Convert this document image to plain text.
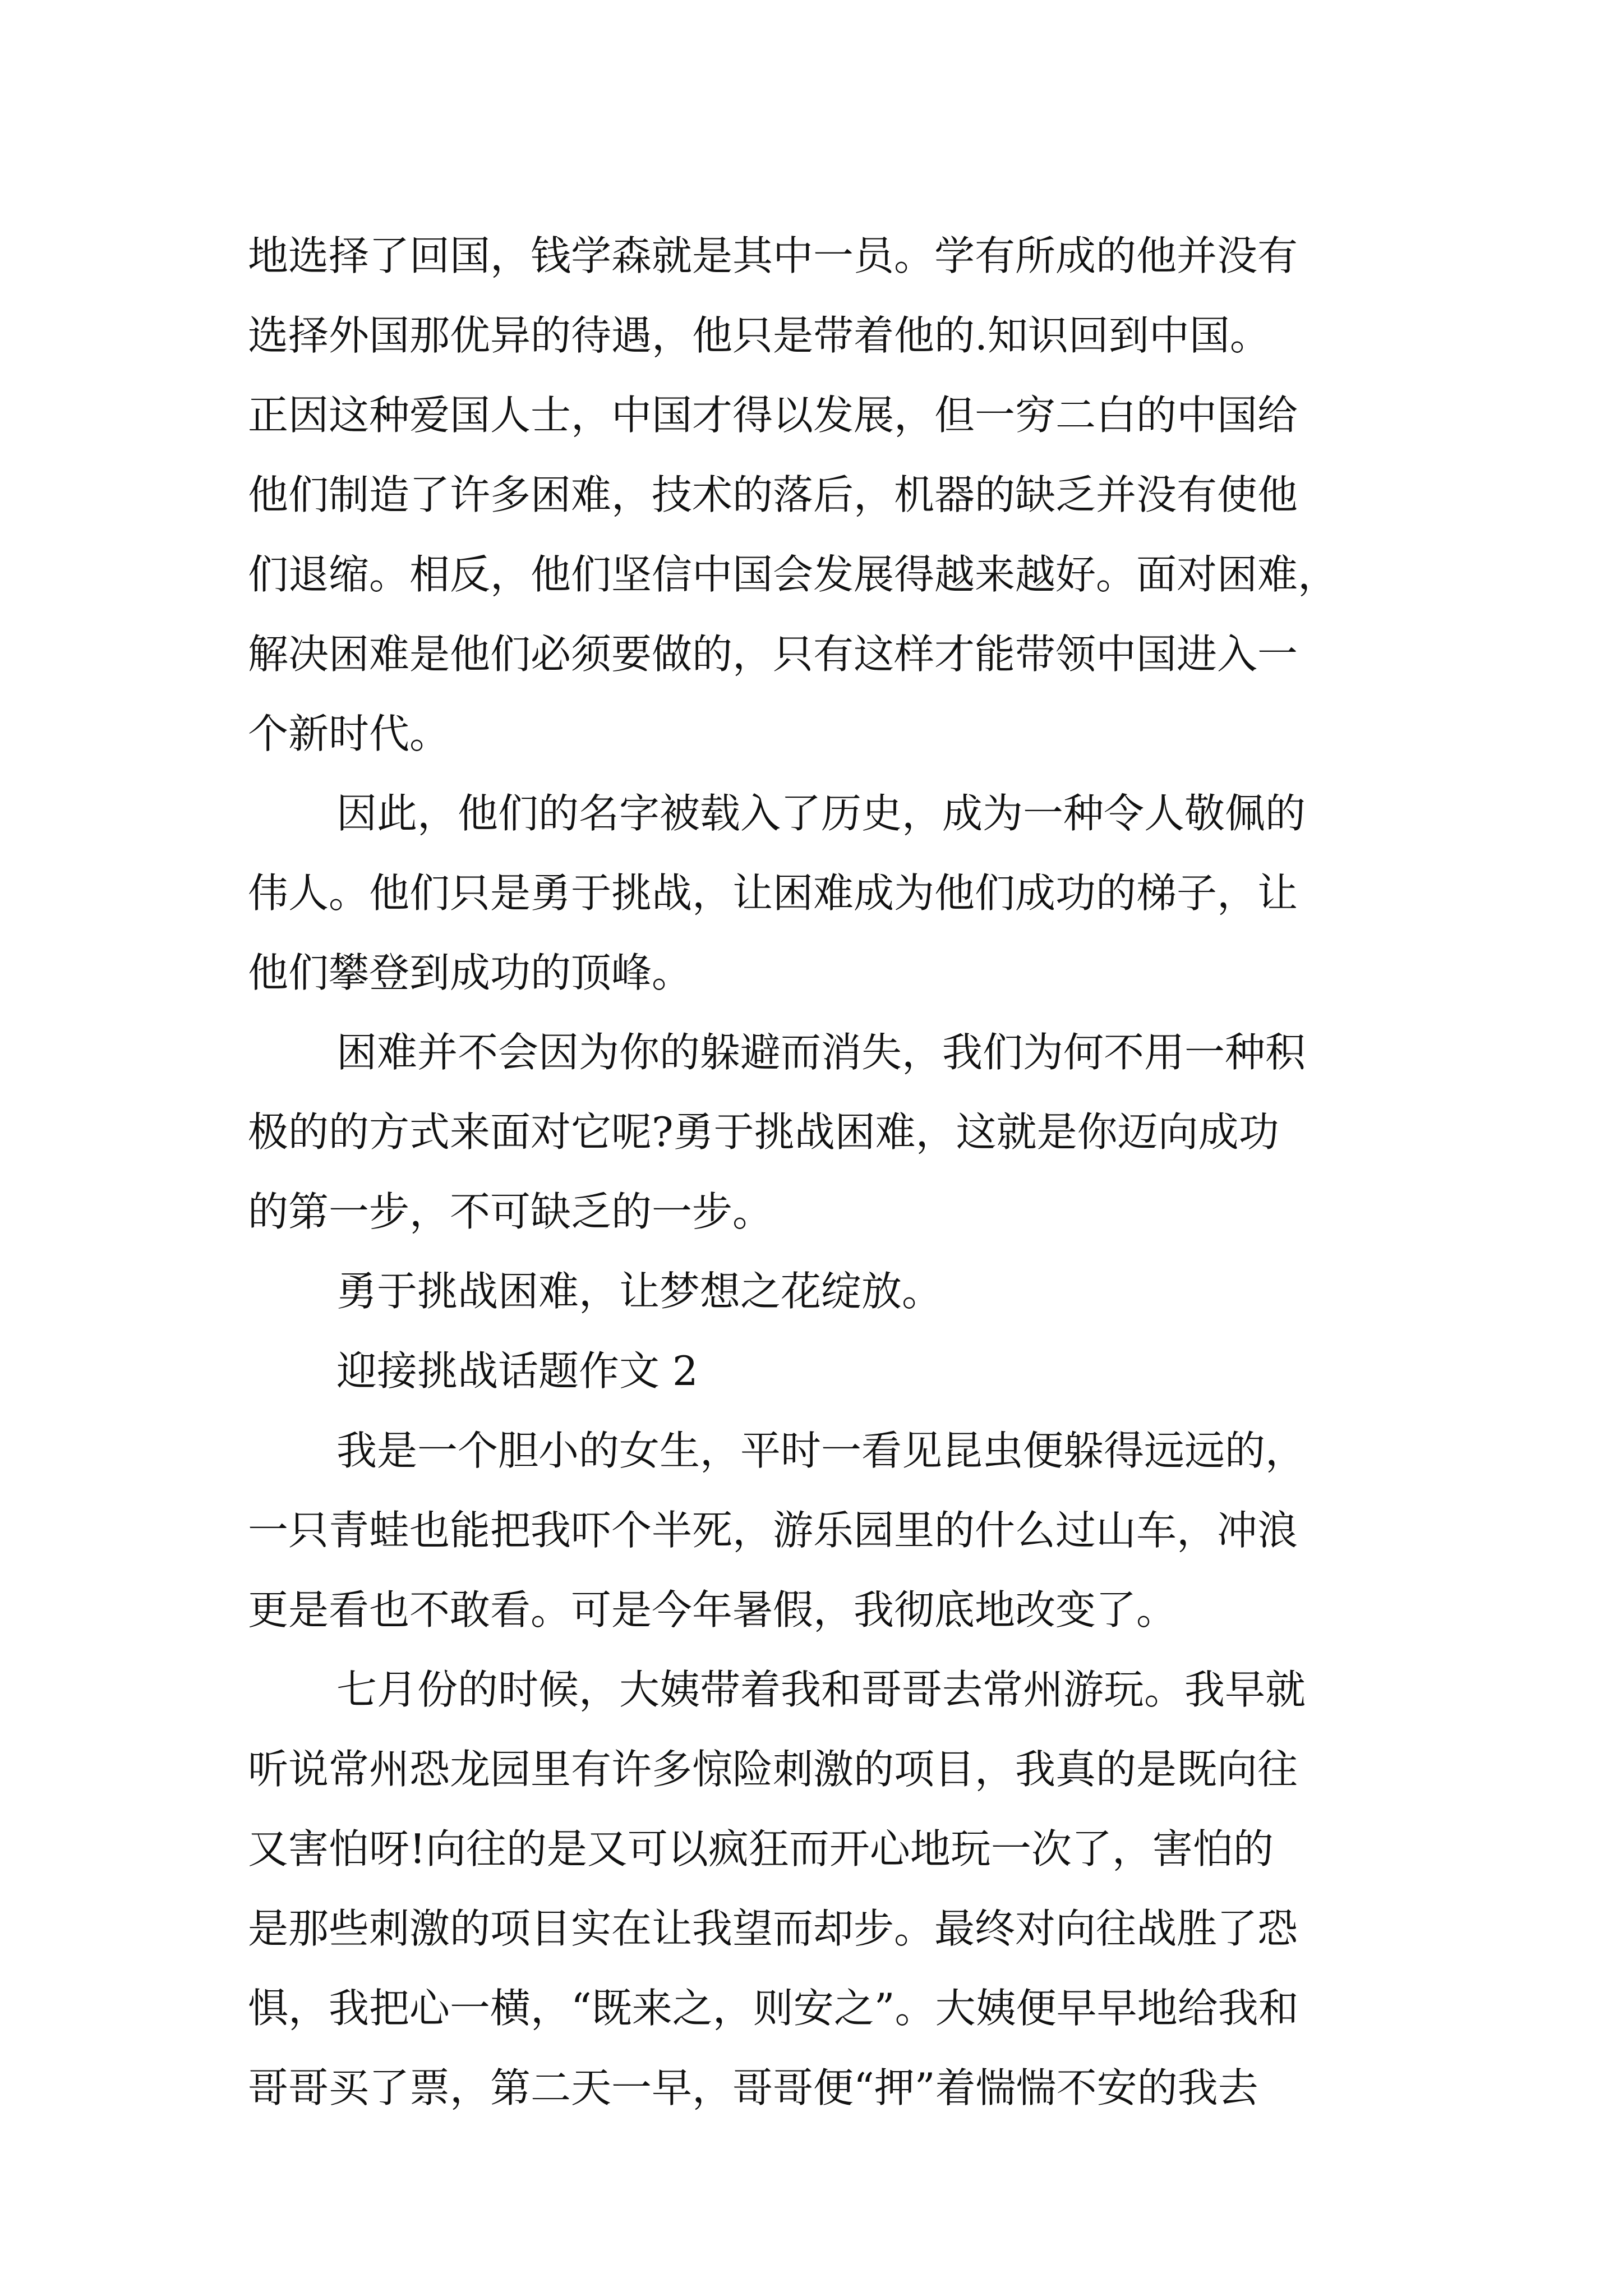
地选择了回国，钱学森就是其中一员。学有所成的他并没有
选择外国那优异的待遇，他只是带着他的.知识回到中国。
正因这种爱国人士，中国才得以发展，但一穷二白的中国给
他们制造了许多困难，技术的落后，机器的缺乏并没有使他
们退缩。相反，他们坚信中国会发展得越来越好。面对困难，
解决困难是他们必须要做的，只有这样才能带领中国进入一
个新时代。
因此，他们的名字被载入了历史，成为一种令人敬佩的
伟人。他们只是勇于挑战，让困难成为他们成功的梯子，让
他们攀登到成功的顶峰。
困难并不会因为你的躲避而消失，我们为何不用一种积
极的的方式来面对它呢?勇于挑战困难，这就是你迈向成功
的第一步，不可缺乏的一步。
勇于挑战困难，让梦想之花绽放。
迎接挑战话题作文 2
我是一个胆小的女生，平时一看见昆虫便躲得远远的，
一只青蛙也能把我吓个半死，游乐园里的什么过山车，冲浪
更是看也不敢看。可是今年暑假，我彻底地改变了。
七月份的时候，大姨带着我和哥哥去常州游玩。我早就
听说常州恐龙园里有许多惊险刺激的项目，我真的是既向往
又害怕呀!向往的是又可以疯狂而开心地玩一次了，害怕的
是那些刺激的项目实在让我望而却步。最终对向往战胜了恐
惧，我把心一横，“既来之，则安之”。大姨便早早地给我和
哥哥买了票，第二天一早，哥哥便“押”着惴惴不安的我去
